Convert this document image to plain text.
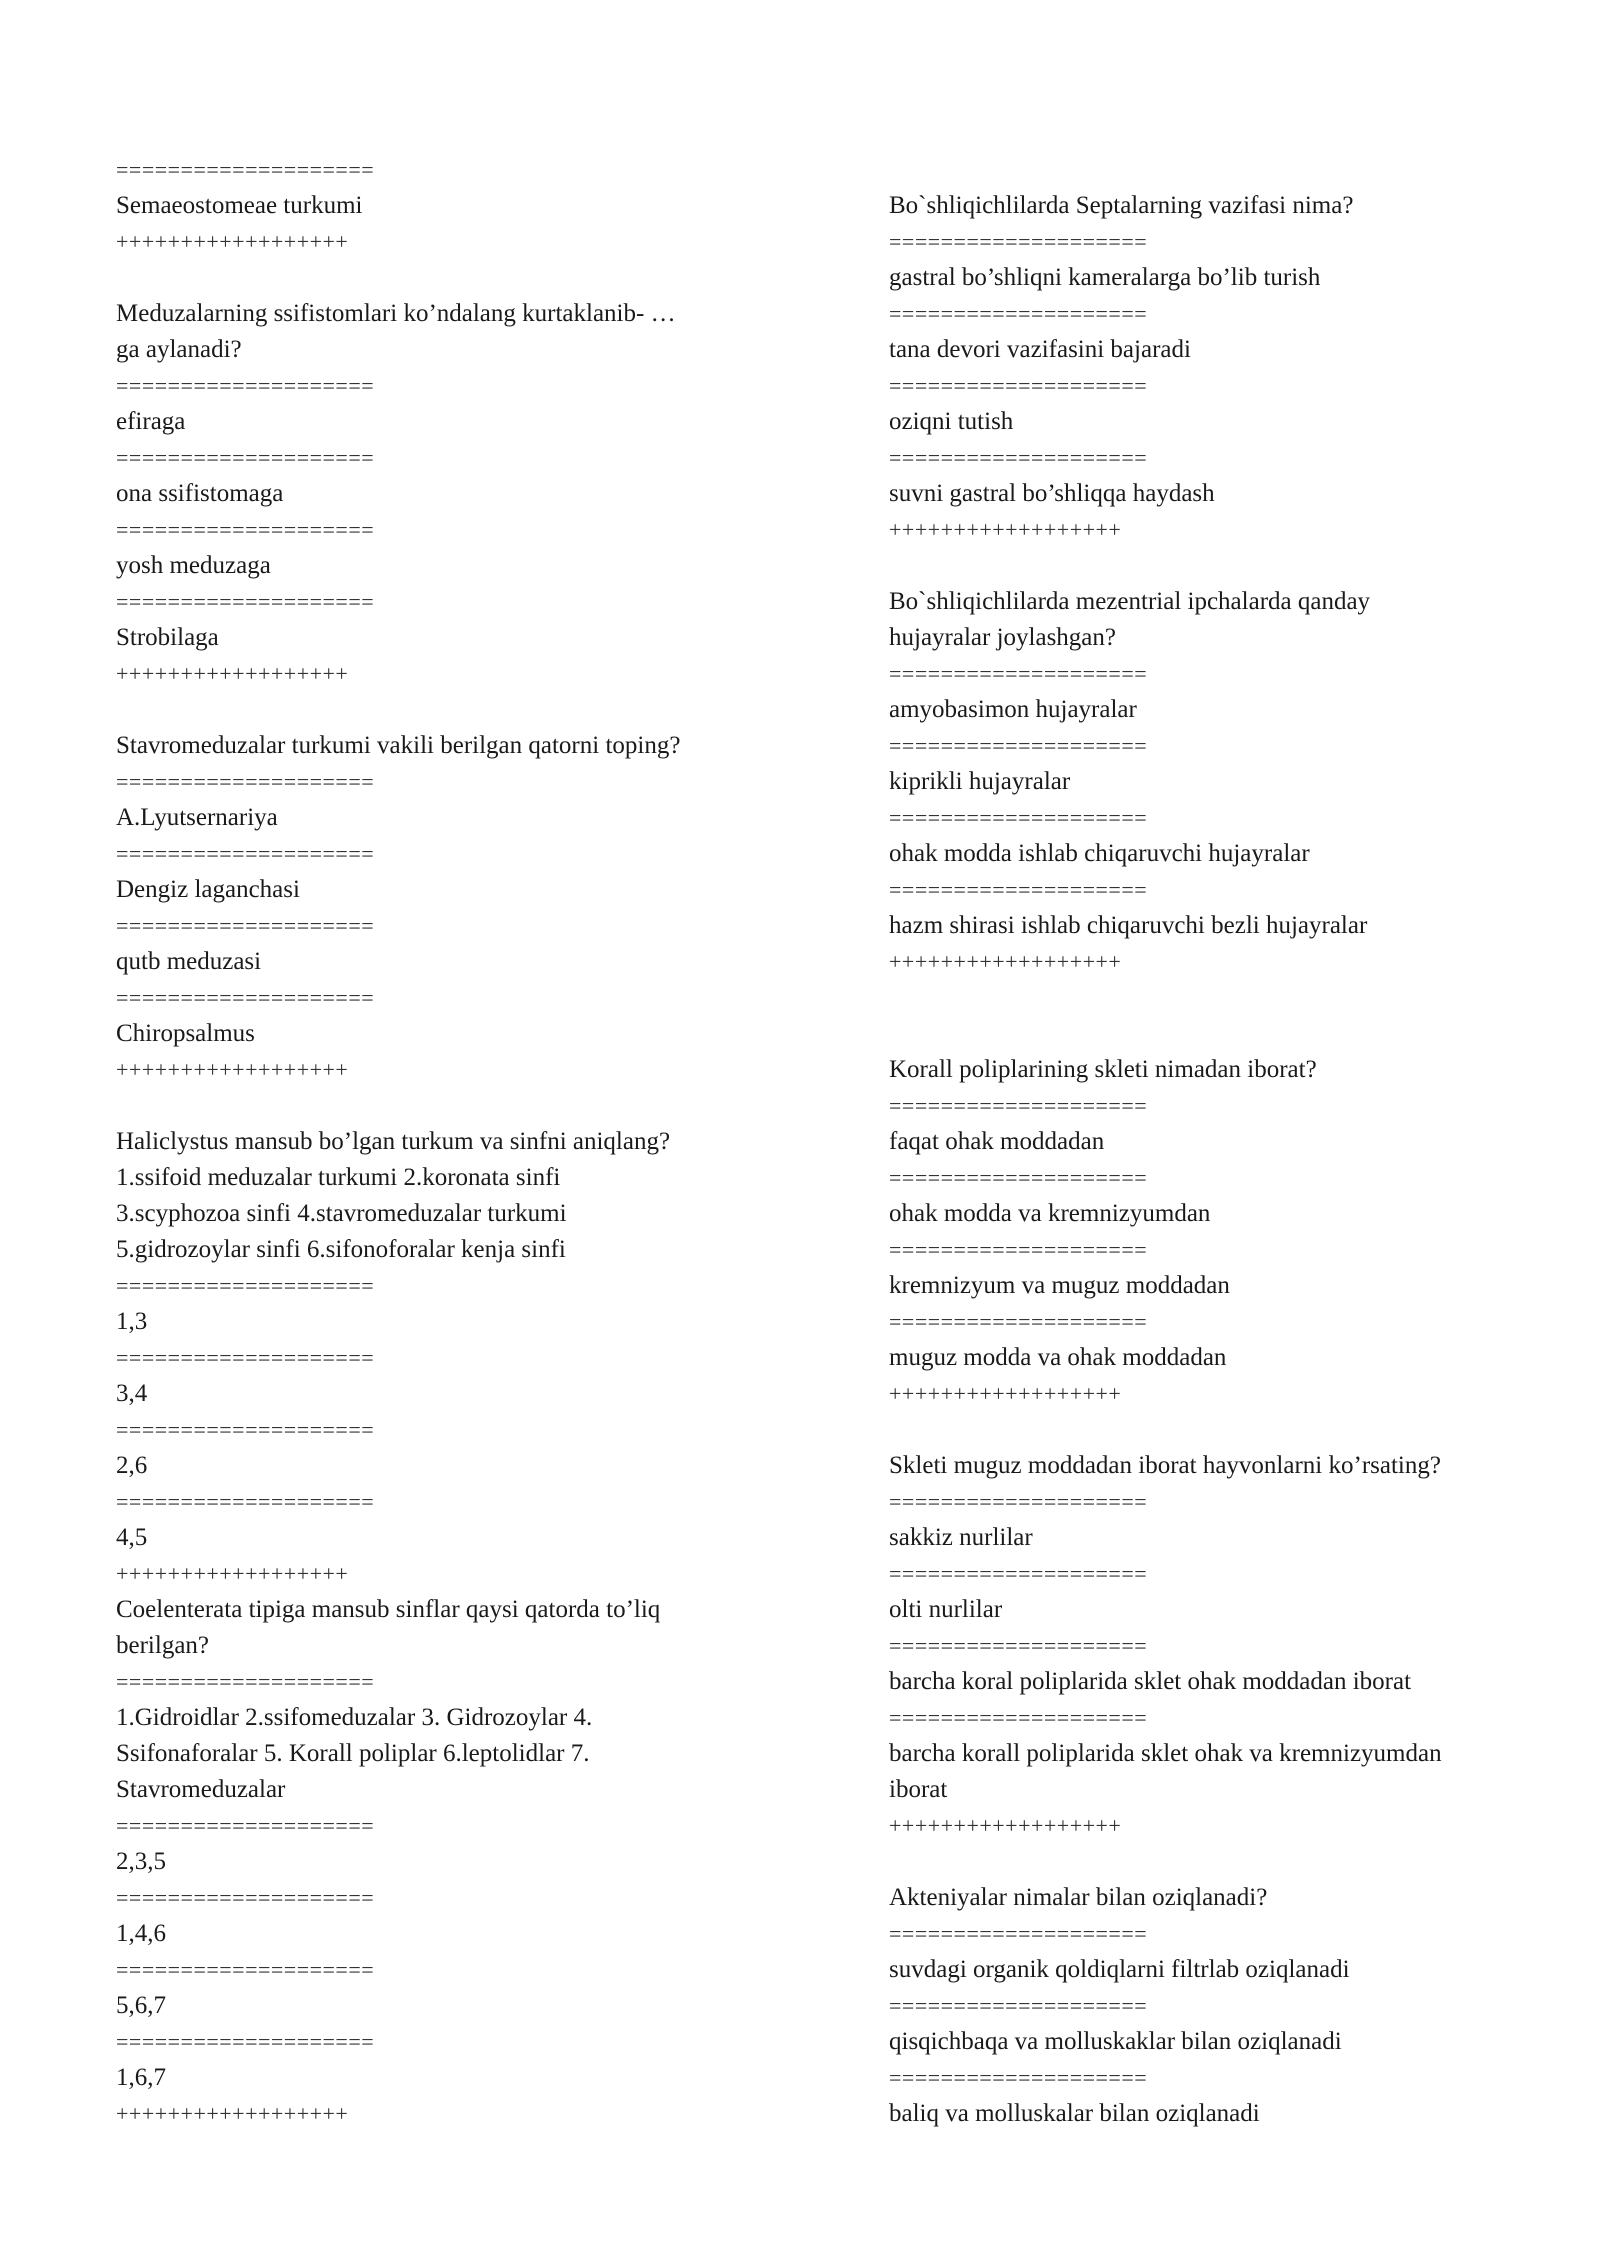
====================
Semaeostomeae turkumi
++++++++++++++++++
Meduzalarning ssifistomlari ko’ndalang kurtaklanib- …
ga aylanadi?
====================
efiraga
====================
ona ssifistomaga
====================
yosh meduzaga
====================
Strobilaga
++++++++++++++++++
Stavromeduzalar turkumi vakili berilgan qatorni toping?
====================
A.Lyutsernariya
====================
Dengiz laganchasi
====================
qutb meduzasi
====================
Chiropsalmus
++++++++++++++++++
Haliclystus mansub bo’lgan turkum va sinfni aniqlang?
1.ssifoid meduzalar turkumi 2.koronata sinfi
3.scyphozoa sinfi 4.stavromeduzalar turkumi
5.gidrozoylar sinfi 6.sifonoforalar kenja sinfi
====================
1,3
====================
3,4
====================
2,6
====================
4,5
++++++++++++++++++
Coelenterata tipiga mansub sinflar qaysi qatorda to’liq
berilgan?
====================
1.Gidroidlar 2.ssifomeduzalar 3. Gidrozoylar 4.
Ssifonaforalar 5. Korall poliplar 6.leptolidlar 7.
Stavromeduzalar
====================
2,3,5
====================
1,4,6
====================
5,6,7
====================
1,6,7
++++++++++++++++++
Bo`shliqichlilarda Septalarning vazifasi nima?
====================
gastral bo’shliqni kameralarga bo’lib turish
====================
tana devori vazifasini bajaradi
====================
oziqni tutish
====================
suvni gastral bo’shliqqa haydash
++++++++++++++++++
Bo`shliqichlilarda mezentrial ipchalarda qanday
hujayralar joylashgan?
====================
amyobasimon hujayralar
====================
kiprikli hujayralar
====================
ohak modda ishlab chiqaruvchi hujayralar
====================
hazm shirasi ishlab chiqaruvchi bezli hujayralar
++++++++++++++++++
Korall poliplarining skleti nimadan iborat?
====================
faqat ohak moddadan
====================
ohak modda va kremnizyumdan
====================
kremnizyum va muguz moddadan
====================
muguz modda va ohak moddadan
++++++++++++++++++
Skleti muguz moddadan iborat hayvonlarni ko’rsating?
====================
sakkiz nurlilar
====================
olti nurlilar
====================
barcha koral poliplarida sklet ohak moddadan iborat
====================
barcha korall poliplarida sklet ohak va kremnizyumdan
iborat
++++++++++++++++++
Akteniyalar nimalar bilan oziqlanadi?
====================
suvdagi organik qoldiqlarni filtrlab oziqlanadi
====================
qisqichbaqa va molluskaklar bilan oziqlanadi
====================
baliq va molluskalar bilan oziqlanadi
